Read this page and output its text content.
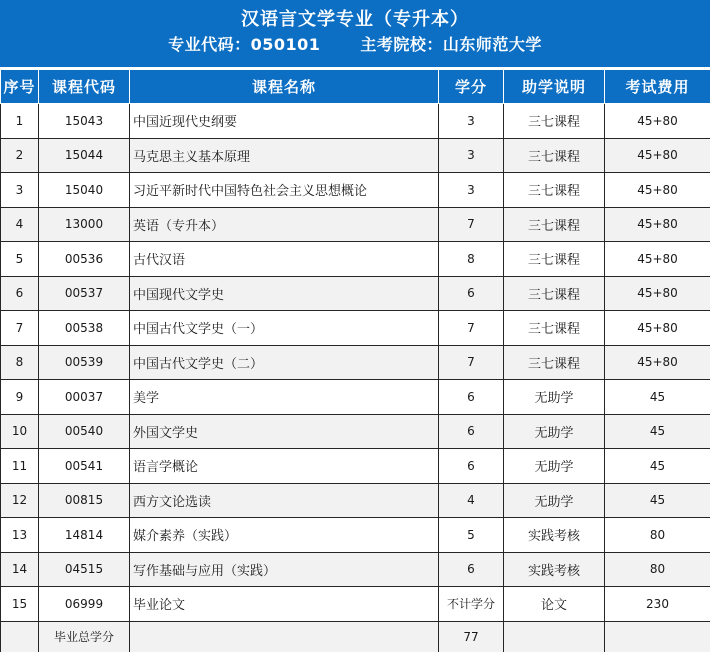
汉语言文学专业（专升本）
专业代码：050101	主考院校：山东师范大学
序号	课程代码	课程名称	学分	助学说明	考试费用
1	15043	中国近现代史纲要	3	三七课程	45+80
2	15044	马克思主义基本原理	3	三七课程	45+80
3	15040	习近平新时代中国特色社会主义思想概论	3	三七课程	45+80
4	13000	英语（专升本）	7	三七课程	45+80
5	00536	古代汉语	8	三七课程	45+80
6	00537	中国现代文学史	6	三七课程	45+80
7	00538	中国古代文学史（一）	7	三七课程	45+80
8	00539	中国古代文学史（二）	7	三七课程	45+80
9	00037	美学	6	无助学	45
10	00540	外国文学史	6	无助学	45
11	00541	语言学概论	6	无助学	45
12	00815	西方文论选读	4	无助学	45
13	14814	媒介素养（实践）	5	实践考核	80
14	04515	写作基础与应用（实践）	6	实践考核	80
15	06999	毕业论文	不计学分	论文	230
	毕业总学分		77		
